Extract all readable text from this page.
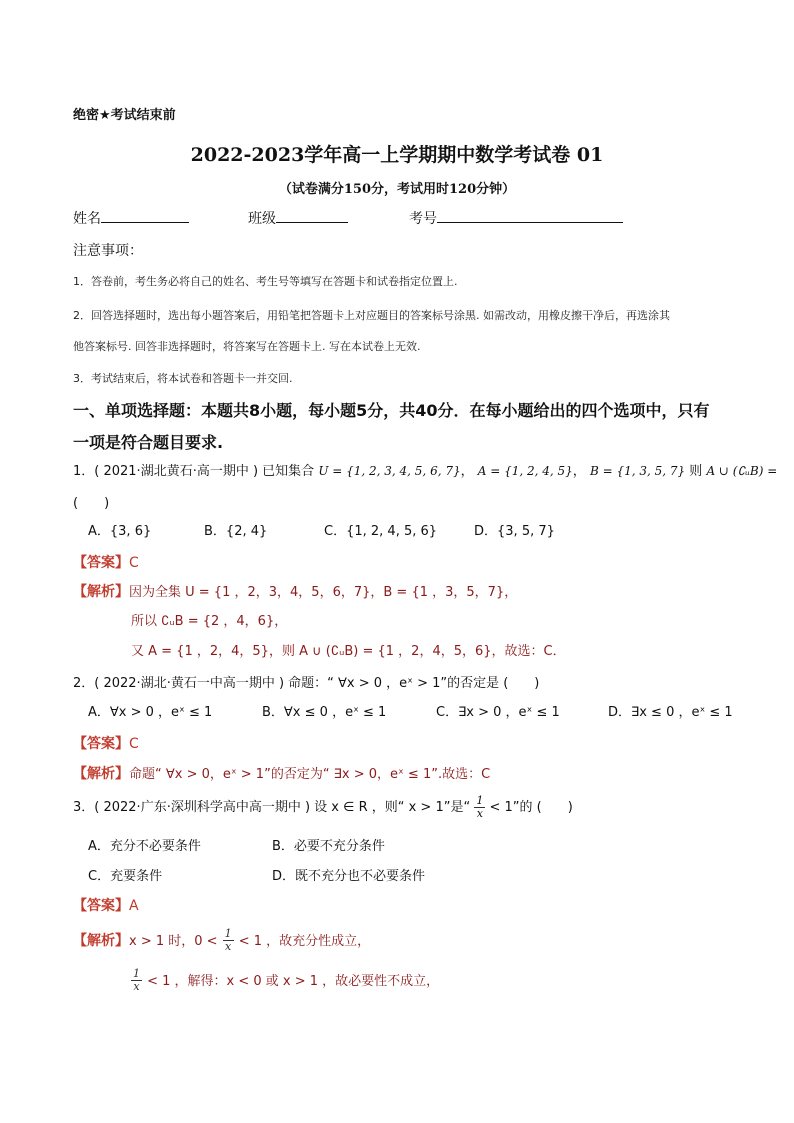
绝密★考试结束前
2022-2023学年高一上学期期中数学考试卷 01
（试卷满分150分，考试用时120分钟）
姓名	班级	考号
注意事项：
1．答卷前，考生务必将自己的姓名、考生号等填写在答题卡和试卷指定位置上.
2．回答选择题时，选出每小题答案后，用铅笔把答题卡上对应题目的答案标号涂黑. 如需改动，用橡皮擦干净后，再选涂其
他答案标号. 回答非选择题时，将答案写在答题卡上. 写在本试卷上无效.
3．考试结束后，将本试卷和答题卡一并交回.
一、单项选择题：本题共8小题，每小题5分，共40分．在每小题给出的四个选项中，只有
一项是符合题目要求.
1．( 2021·湖北黄石·高一期中 ) 已知集合 U = {1, 2, 3, 4, 5, 6, 7}， A = {1, 2, 4, 5}， B = {1, 3, 5, 7} 则 A ∪ (∁ᵤB) =
(　　)
A．{3, 6}	B．{2, 4}	C．{1, 2, 4, 5, 6}	D．{3, 5, 7}
【答案】C
【解析】因为全集 U = {1 ，2，3，4，5，6，7}，B = {1 ，3，5，7}，
所以 ∁ᵤB = {2 ，4，6}，
又 A = {1 ，2，4，5}，则 A ∪ (∁ᵤB) = {1 ，2，4，5，6}，故选：C．
2．( 2022·湖北·黄石一中高一期中 ) 命题：“ ∀x > 0 ，eˣ > 1”的否定是 (　　)
A．∀x > 0 ，eˣ ≤ 1	B．∀x ≤ 0 ，eˣ ≤ 1	C．∃x > 0 ，eˣ ≤ 1	D．∃x ≤ 0 ，eˣ ≤ 1
【答案】C
【解析】命题“ ∀x > 0，eˣ > 1”的否定为“ ∃x > 0，eˣ ≤ 1”.故选：C
3．( 2022·广东·深圳科学高中高一期中 ) 设 x ∈ R ，则“ x > 1”是“ $\frac{1}{x} < 1$”的 (　　)
A．充分不必要条件	B．必要不充分条件
C．充要条件	D．既不充分也不必要条件
【答案】A
【解析】x > 1 时，$0 < \frac{1}{x} < 1$ ，故充分性成立，
$\frac{1}{x} < 1$ ，解得：x < 0 或 x > 1 ，故必要性不成立，
